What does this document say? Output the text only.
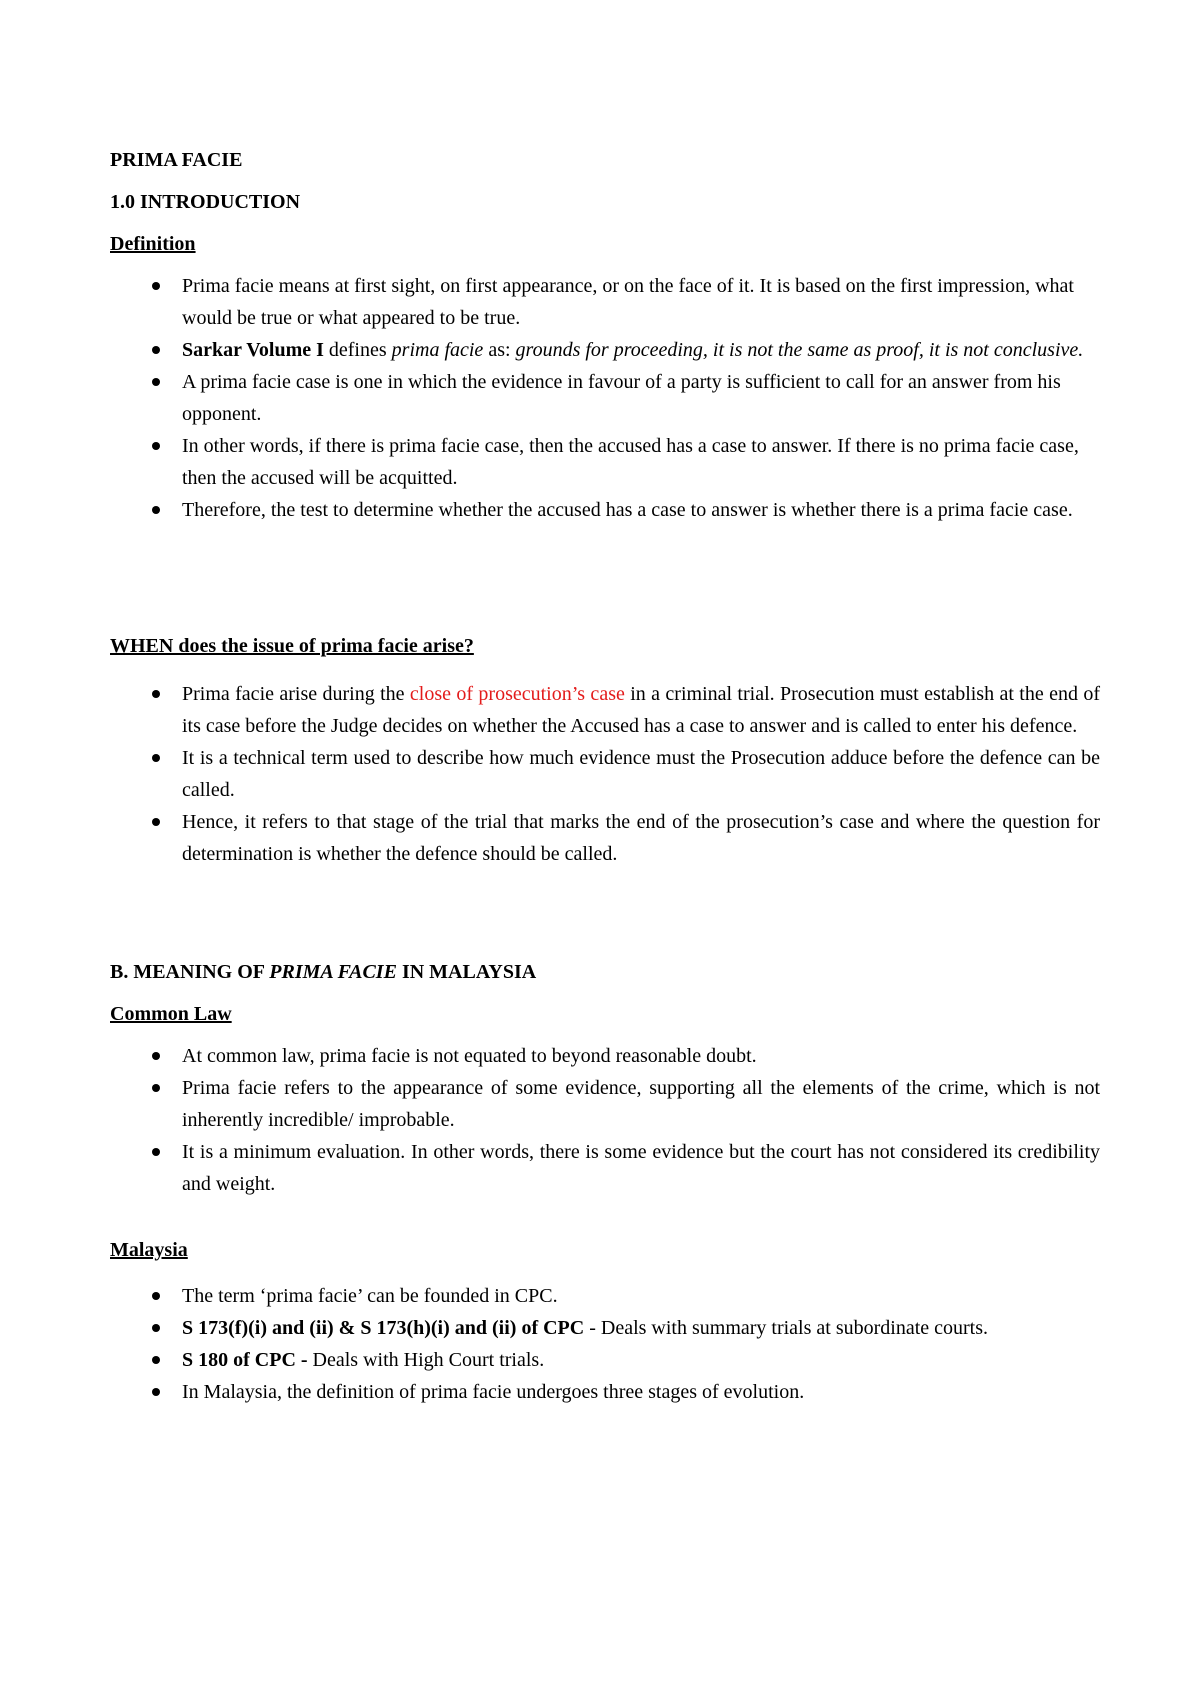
PRIMA FACIE
1.0 INTRODUCTION
Definition
Prima facie means at first sight, on first appearance, or on the face of it. It is based on the first impression, what would be true or what appeared to be true.
Sarkar Volume I defines prima facie as: grounds for proceeding, it is not the same as proof, it is not conclusive.
A prima facie case is one in which the evidence in favour of a party is sufficient to call for an answer from his opponent.
In other words, if there is prima facie case, then the accused has a case to answer. If there is no prima facie case, then the accused will be acquitted.
Therefore, the test to determine whether the accused has a case to answer is whether there is a prima facie case.
WHEN does the issue of prima facie arise?
Prima facie arise during the close of prosecution’s case in a criminal trial. Prosecution must establish at the end of its case before the Judge decides on whether the Accused has a case to answer and is called to enter his defence.
It is a technical term used to describe how much evidence must the Prosecution adduce before the defence can be called.
Hence, it refers to that stage of the trial that marks the end of the prosecution’s case and where the question for determination is whether the defence should be called.
B. MEANING OF PRIMA FACIE IN MALAYSIA
Common Law
At common law, prima facie is not equated to beyond reasonable doubt.
Prima facie refers to the appearance of some evidence, supporting all the elements of the crime, which is not inherently incredible/ improbable.
It is a minimum evaluation. In other words, there is some evidence but the court has not considered its credibility and weight.
Malaysia
The term ‘prima facie’ can be founded in CPC.
S 173(f)(i) and (ii) & S 173(h)(i) and (ii) of CPC - Deals with summary trials at subordinate courts.
S 180 of CPC - Deals with High Court trials.
In Malaysia, the definition of prima facie undergoes three stages of evolution.
